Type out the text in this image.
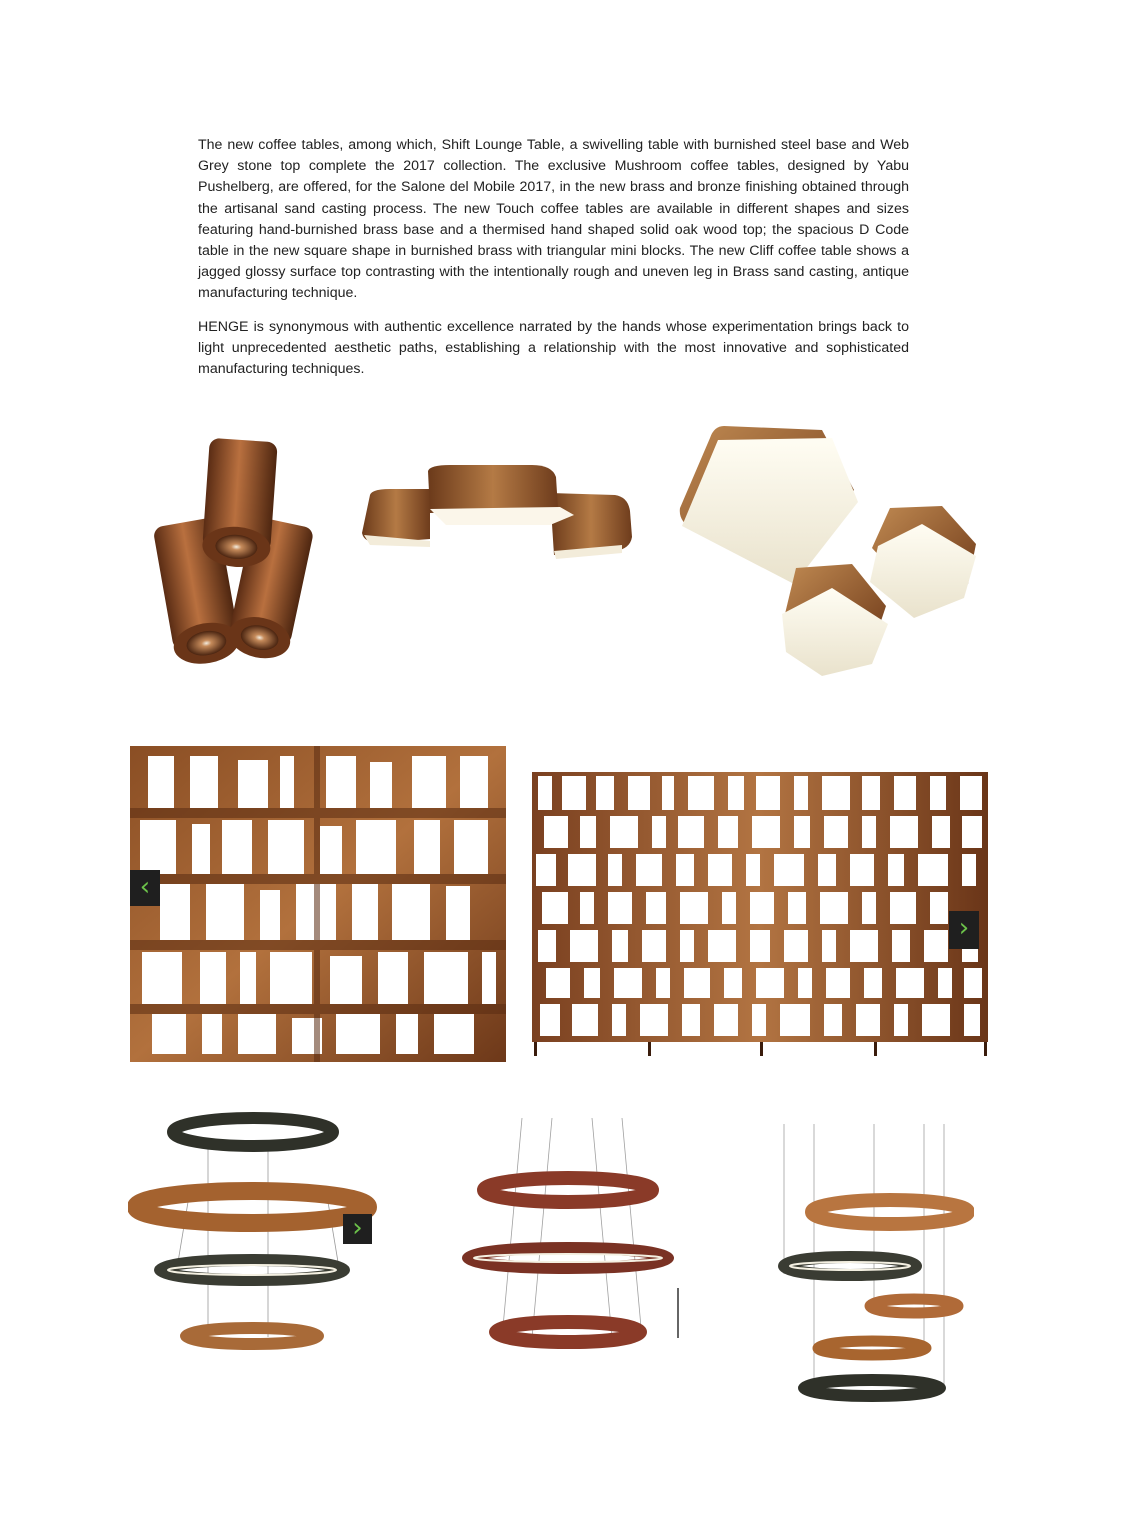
The new coffee tables, among which, Shift Lounge Table, a swivelling table with burnished steel base and Web Grey stone top complete the 2017 collection. The exclusive Mushroom coffee tables, designed by Yabu Pushelberg, are offered, for the Salone del Mobile 2017, in the new brass and bronze finishing obtained through the artisanal sand casting process. The new Touch coffee tables are available in different shapes and sizes featuring hand-burnished brass base and a thermised hand shaped solid oak wood top; the spacious D Code table in the new square shape in burnished brass with triangular mini blocks. The new Cliff coffee table shows a jagged glossy surface top contrasting with the intentionally rough and uneven leg in Brass sand casting, antique manufacturing technique.

HENGE is synonymous with authentic excellence narrated by the hands whose experimentation brings back to light unprecedented aesthetic paths, establishing a relationship with the most innovative and sophisticated manufacturing techniques.

‹
›
›
